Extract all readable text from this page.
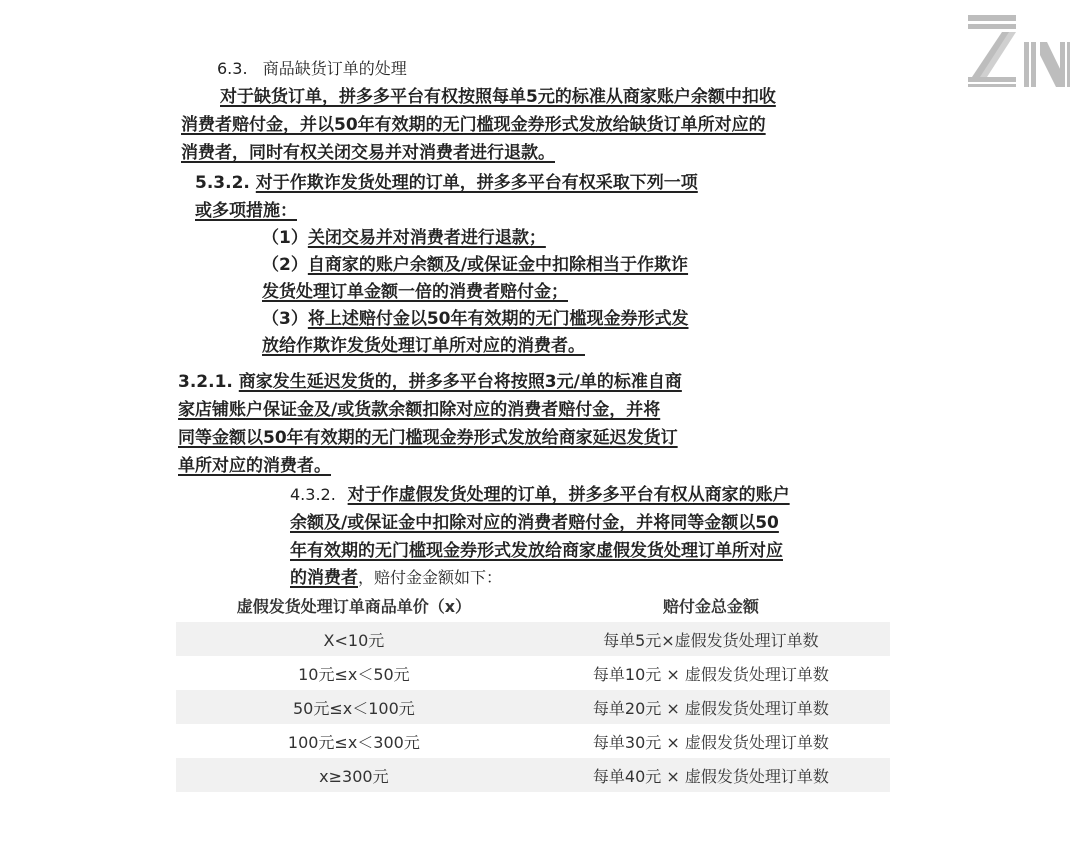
6.3. 商品缺货订单的处理
对于缺货订单，拼多多平台有权按照每单5元的标准从商家账户余额中扣收
消费者赔付金，并以50年有效期的无门槛现金券形式发放给缺货订单所对应的
消费者，同时有权关闭交易并对消费者进行退款。
5.3.2. 对于作欺诈发货处理的订单，拼多多平台有权采取下列一项
或多项措施：
（1）关闭交易并对消费者进行退款；
（2）自商家的账户余额及/或保证金中扣除相当于作欺诈
发货处理订单金额一倍的消费者赔付金；
（3）将上述赔付金以50年有效期的无门槛现金券形式发
放给作欺诈发货处理订单所对应的消费者。
3.2.1. 商家发生延迟发货的，拼多多平台将按照3元/单的标准自商
家店铺账户保证金及/或货款余额扣除对应的消费者赔付金，并将
同等金额以50年有效期的无门槛现金券形式发放给商家延迟发货订
单所对应的消费者。
4.3.2. 对于作虚假发货处理的订单，拼多多平台有权从商家的账户
余额及/或保证金中扣除对应的消费者赔付金，并将同等金额以50
年有效期的无门槛现金券形式发放给商家虚假发货处理订单所对应
的消费者，赔付金金额如下：
虚假发货处理订单商品单价（x）	赔付金总金额
X<10元	每单5元×虚假发货处理订单数
10元≤x＜50元	每单10元 × 虚假发货处理订单数
50元≤x＜100元	每单20元 × 虚假发货处理订单数
100元≤x＜300元	每单30元 × 虚假发货处理订单数
x≥300元	每单40元 × 虚假发货处理订单数
